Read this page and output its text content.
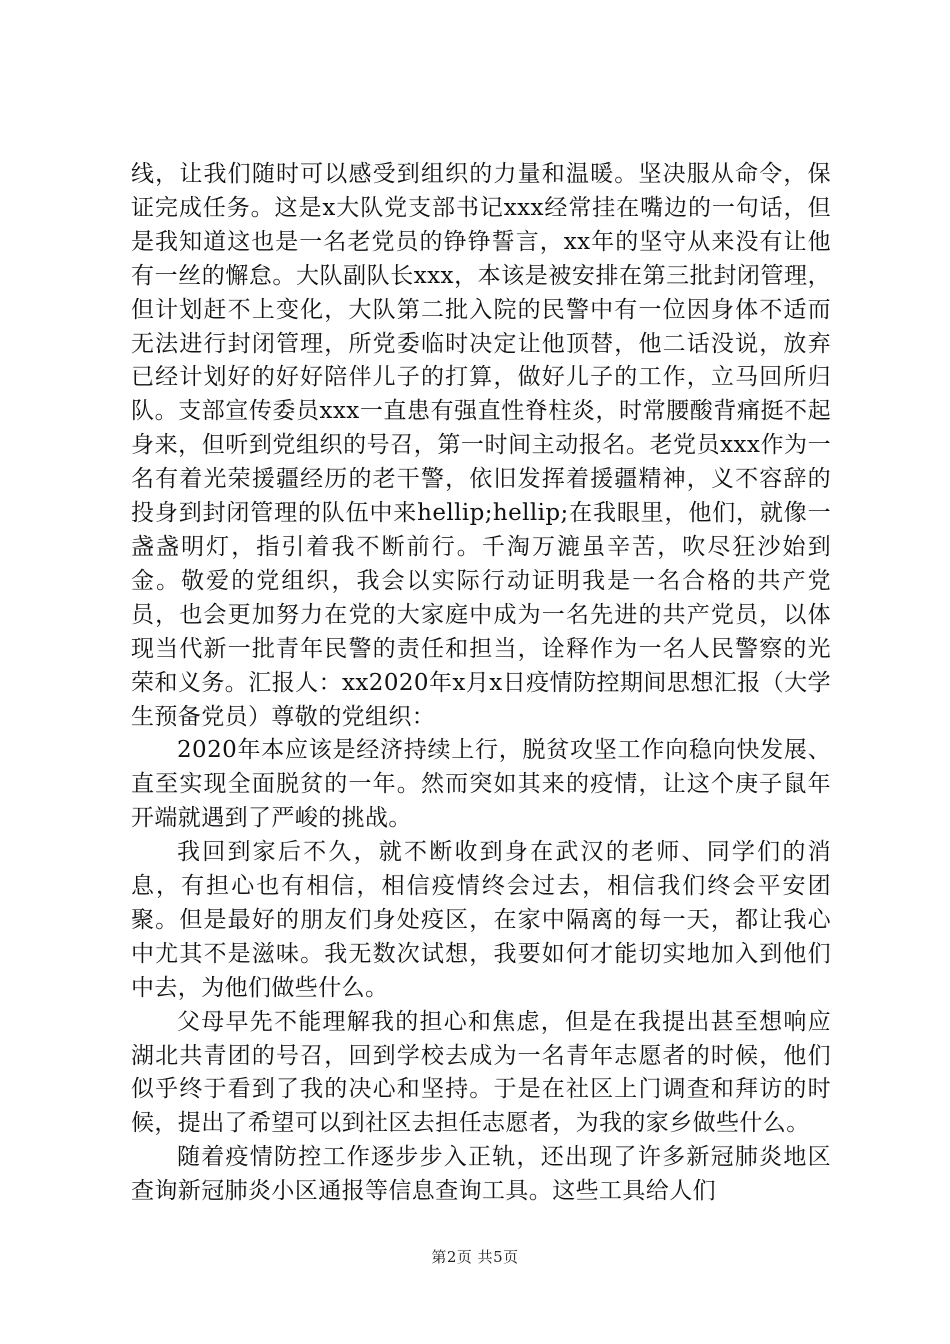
线，让我们随时可以感受到组织的力量和温暖。坚决服从命令，保证完成任务。这是x大队党支部书记xxx经常挂在嘴边的一句话，但是我知道这也是一名老党员的铮铮誓言，xx年的坚守从来没有让他有一丝的懈怠。大队副队长xxx，本该是被安排在第三批封闭管理，但计划赶不上变化，大队第二批入院的民警中有一位因身体不适而无法进行封闭管理，所党委临时决定让他顶替，他二话没说，放弃已经计划好的好好陪伴儿子的打算，做好儿子的工作，立马回所归队。支部宣传委员xxx一直患有强直性脊柱炎，时常腰酸背痛挺不起身来，但听到党组织的号召，第一时间主动报名。老党员xxx作为一名有着光荣援疆经历的老干警，依旧发挥着援疆精神，义不容辞的投身到封闭管理的队伍中来hellip;hellip;在我眼里，他们，就像一盏盏明灯，指引着我不断前行。千淘万漉虽辛苦，吹尽狂沙始到金。敬爱的党组织，我会以实际行动证明我是一名合格的共产党员，也会更加努力在党的大家庭中成为一名先进的共产党员，以体现当代新一批青年民警的责任和担当，诠释作为一名人民警察的光荣和义务。汇报人：xx2020年x月x日疫情防控期间思想汇报（大学生预备党员）尊敬的党组织：

2020年本应该是经济持续上行，脱贫攻坚工作向稳向快发展、直至实现全面脱贫的一年。然而突如其来的疫情，让这个庚子鼠年开端就遇到了严峻的挑战。

我回到家后不久，就不断收到身在武汉的老师、同学们的消息，有担心也有相信，相信疫情终会过去，相信我们终会平安团聚。但是最好的朋友们身处疫区，在家中隔离的每一天，都让我心中尤其不是滋味。我无数次试想，我要如何才能切实地加入到他们中去，为他们做些什么。

父母早先不能理解我的担心和焦虑，但是在我提出甚至想响应湖北共青团的号召，回到学校去成为一名青年志愿者的时候，他们似乎终于看到了我的决心和坚持。于是在社区上门调查和拜访的时候，提出了希望可以到社区去担任志愿者，为我的家乡做些什么。

随着疫情防控工作逐步步入正轨，还出现了许多新冠肺炎地区查询新冠肺炎小区通报等信息查询工具。这些工具给人们

第2页 共5页
